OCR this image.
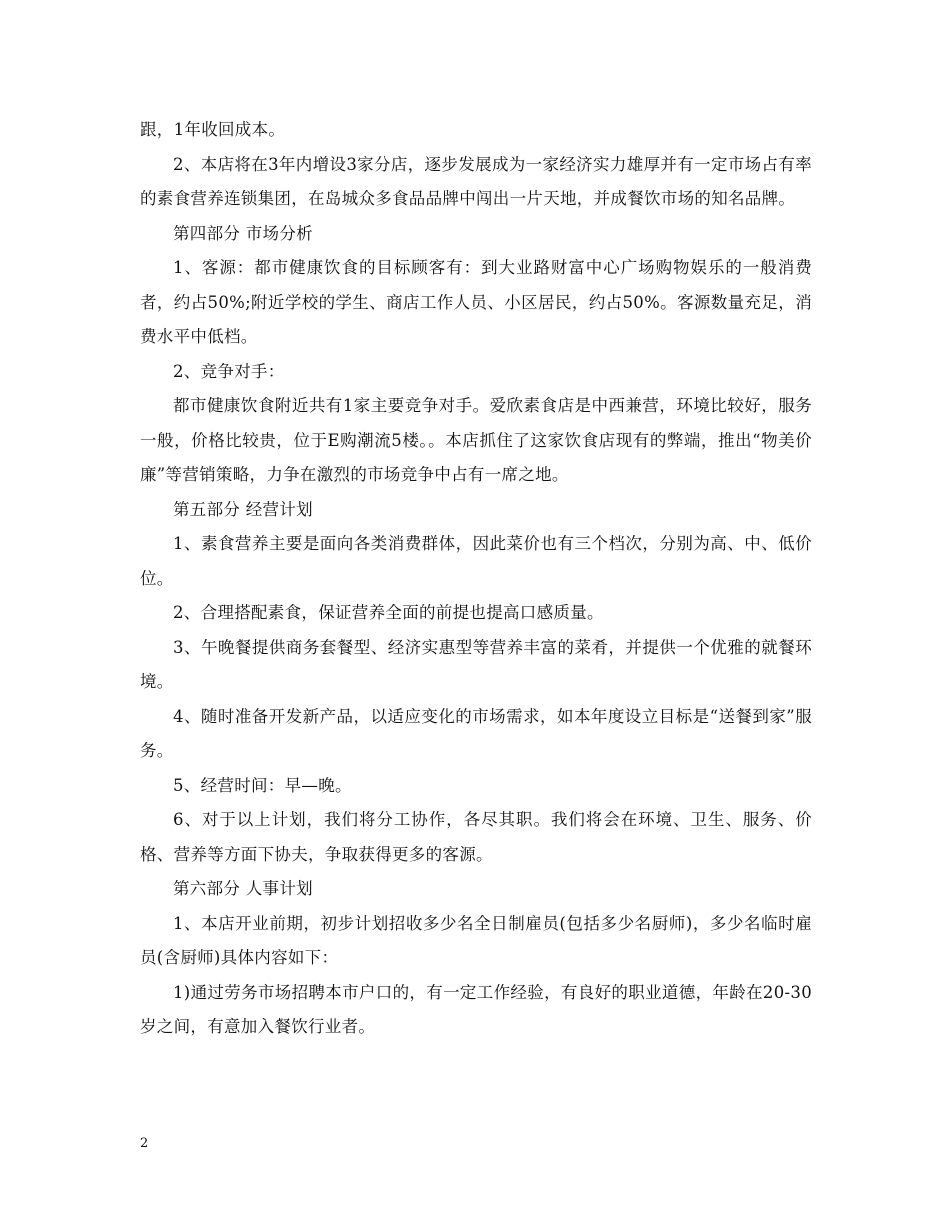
跟，1年收回成本。

2、本店将在3年内增设3家分店，逐步发展成为一家经济实力雄厚并有一定市场占有率的素食营养连锁集团，在岛城众多食品品牌中闯出一片天地，并成餐饮市场的知名品牌。

第四部分 市场分析

1、客源：都市健康饮食的目标顾客有：到大业路财富中心广场购物娱乐的一般消费者，约占50%;附近学校的学生、商店工作人员、小区居民，约占50%。客源数量充足，消费水平中低档。

2、竞争对手：

都市健康饮食附近共有1家主要竞争对手。爱欣素食店是中西兼营，环境比较好，服务一般，价格比较贵，位于E购潮流5楼。。本店抓住了这家饮食店现有的弊端，推出“物美价廉”等营销策略，力争在激烈的市场竞争中占有一席之地。

第五部分 经营计划

1、素食营养主要是面向各类消费群体，因此菜价也有三个档次，分别为高、中、低价位。

2、合理搭配素食，保证营养全面的前提也提高口感质量。

3、午晚餐提供商务套餐型、经济实惠型等营养丰富的菜肴，并提供一个优雅的就餐环境。

4、随时准备开发新产品，以适应变化的市场需求，如本年度设立目标是“送餐到家”服务。

5、经营时间：早—晚。

6、对于以上计划，我们将分工协作，各尽其职。我们将会在环境、卫生、服务、价格、营养等方面下协夫，争取获得更多的客源。

第六部分 人事计划

1、本店开业前期，初步计划招收多少名全日制雇员(包括多少名厨师)，多少名临时雇员(含厨师)具体内容如下：

1)通过劳务市场招聘本市户口的，有一定工作经验，有良好的职业道德，年龄在20-30岁之间，有意加入餐饮行业者。

2
